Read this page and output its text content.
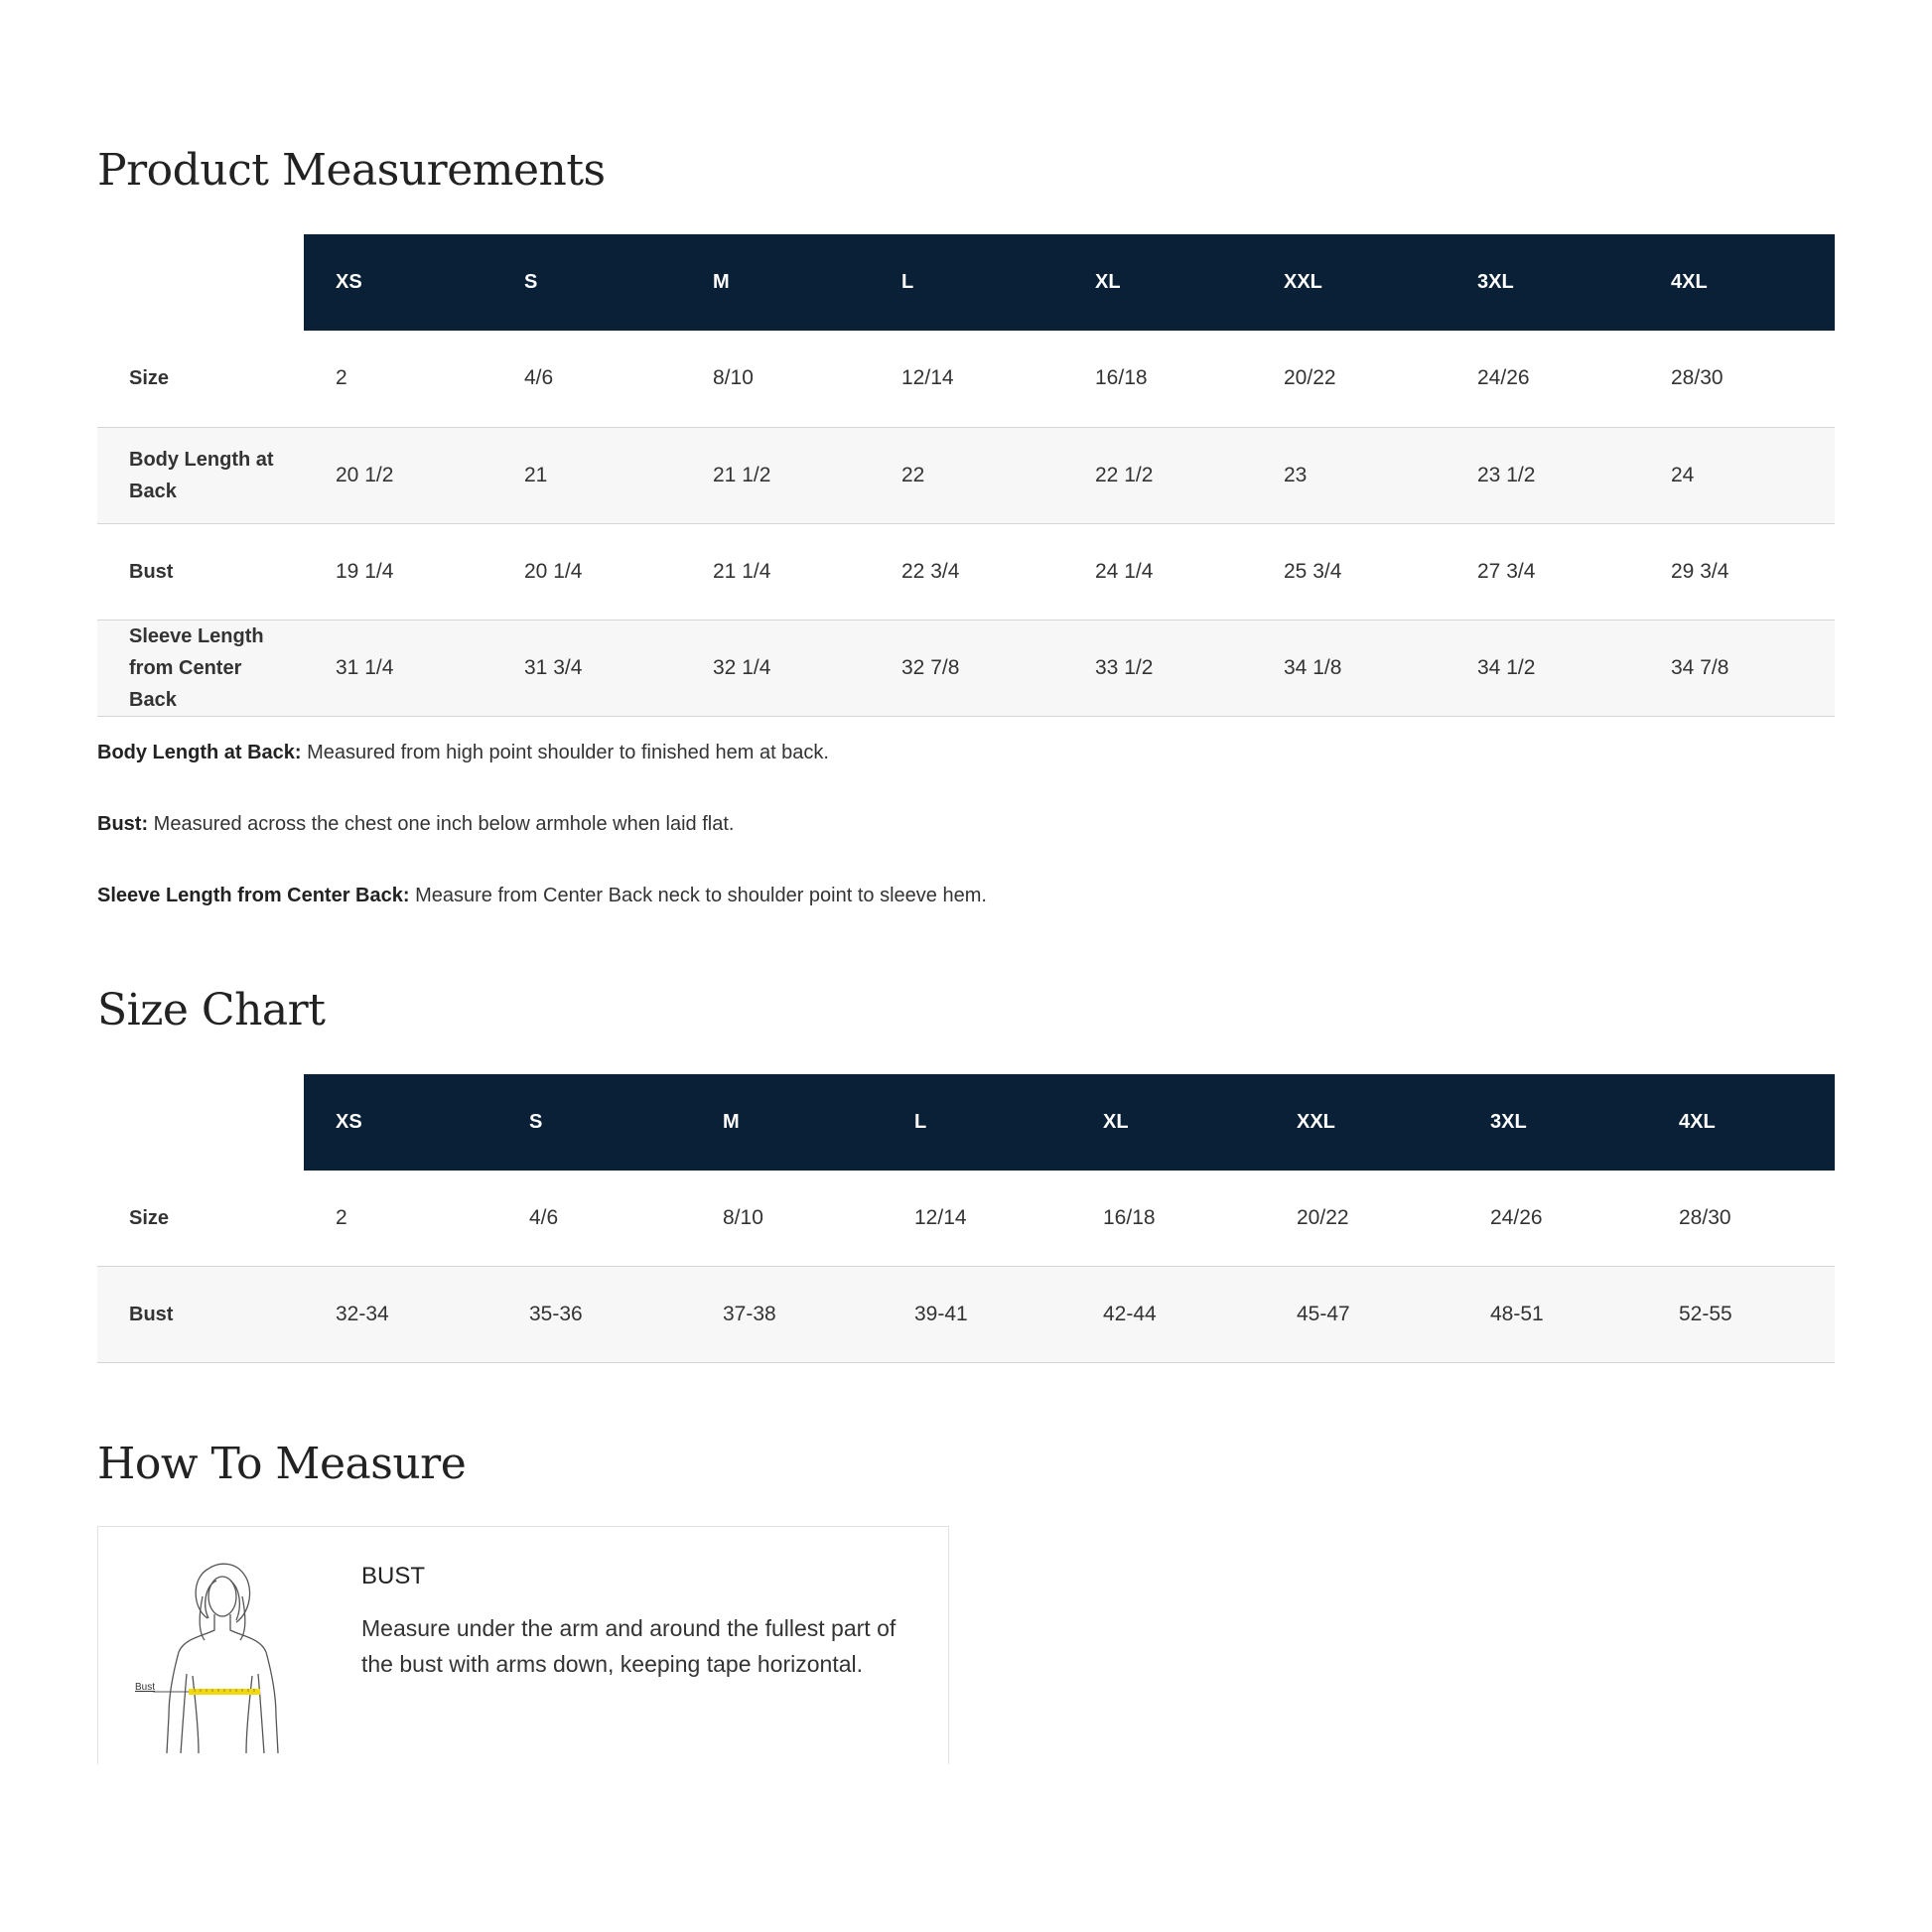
Product Measurements
	XS	S	M	L	XL	XXL	3XL	4XL
Size	2	4/6	8/10	12/14	16/18	20/22	24/26	28/30
Body Length at Back	20 1/2	21	21 1/2	22	22 1/2	23	23 1/2	24
Bust	19 1/4	20 1/4	21 1/4	22 3/4	24 1/4	25 3/4	27 3/4	29 3/4
Sleeve Length from Center Back	31 1/4	31 3/4	32 1/4	32 7/8	33 1/2	34 1/8	34 1/2	34 7/8

Body Length at Back: Measured from high point shoulder to finished hem at back.

Bust: Measured across the chest one inch below armhole when laid flat.

Sleeve Length from Center Back: Measure from Center Back neck to shoulder point to sleeve hem.

Size Chart
	XS	S	M	L	XL	XXL	3XL	4XL
Size	2	4/6	8/10	12/14	16/18	20/22	24/26	28/30
Bust	32-34	35-36	37-38	39-41	42-44	45-47	48-51	52-55
How To Measure
Bust
BUST

Measure under the arm and around the fullest part of the bust with arms down, keeping tape horizontal.
